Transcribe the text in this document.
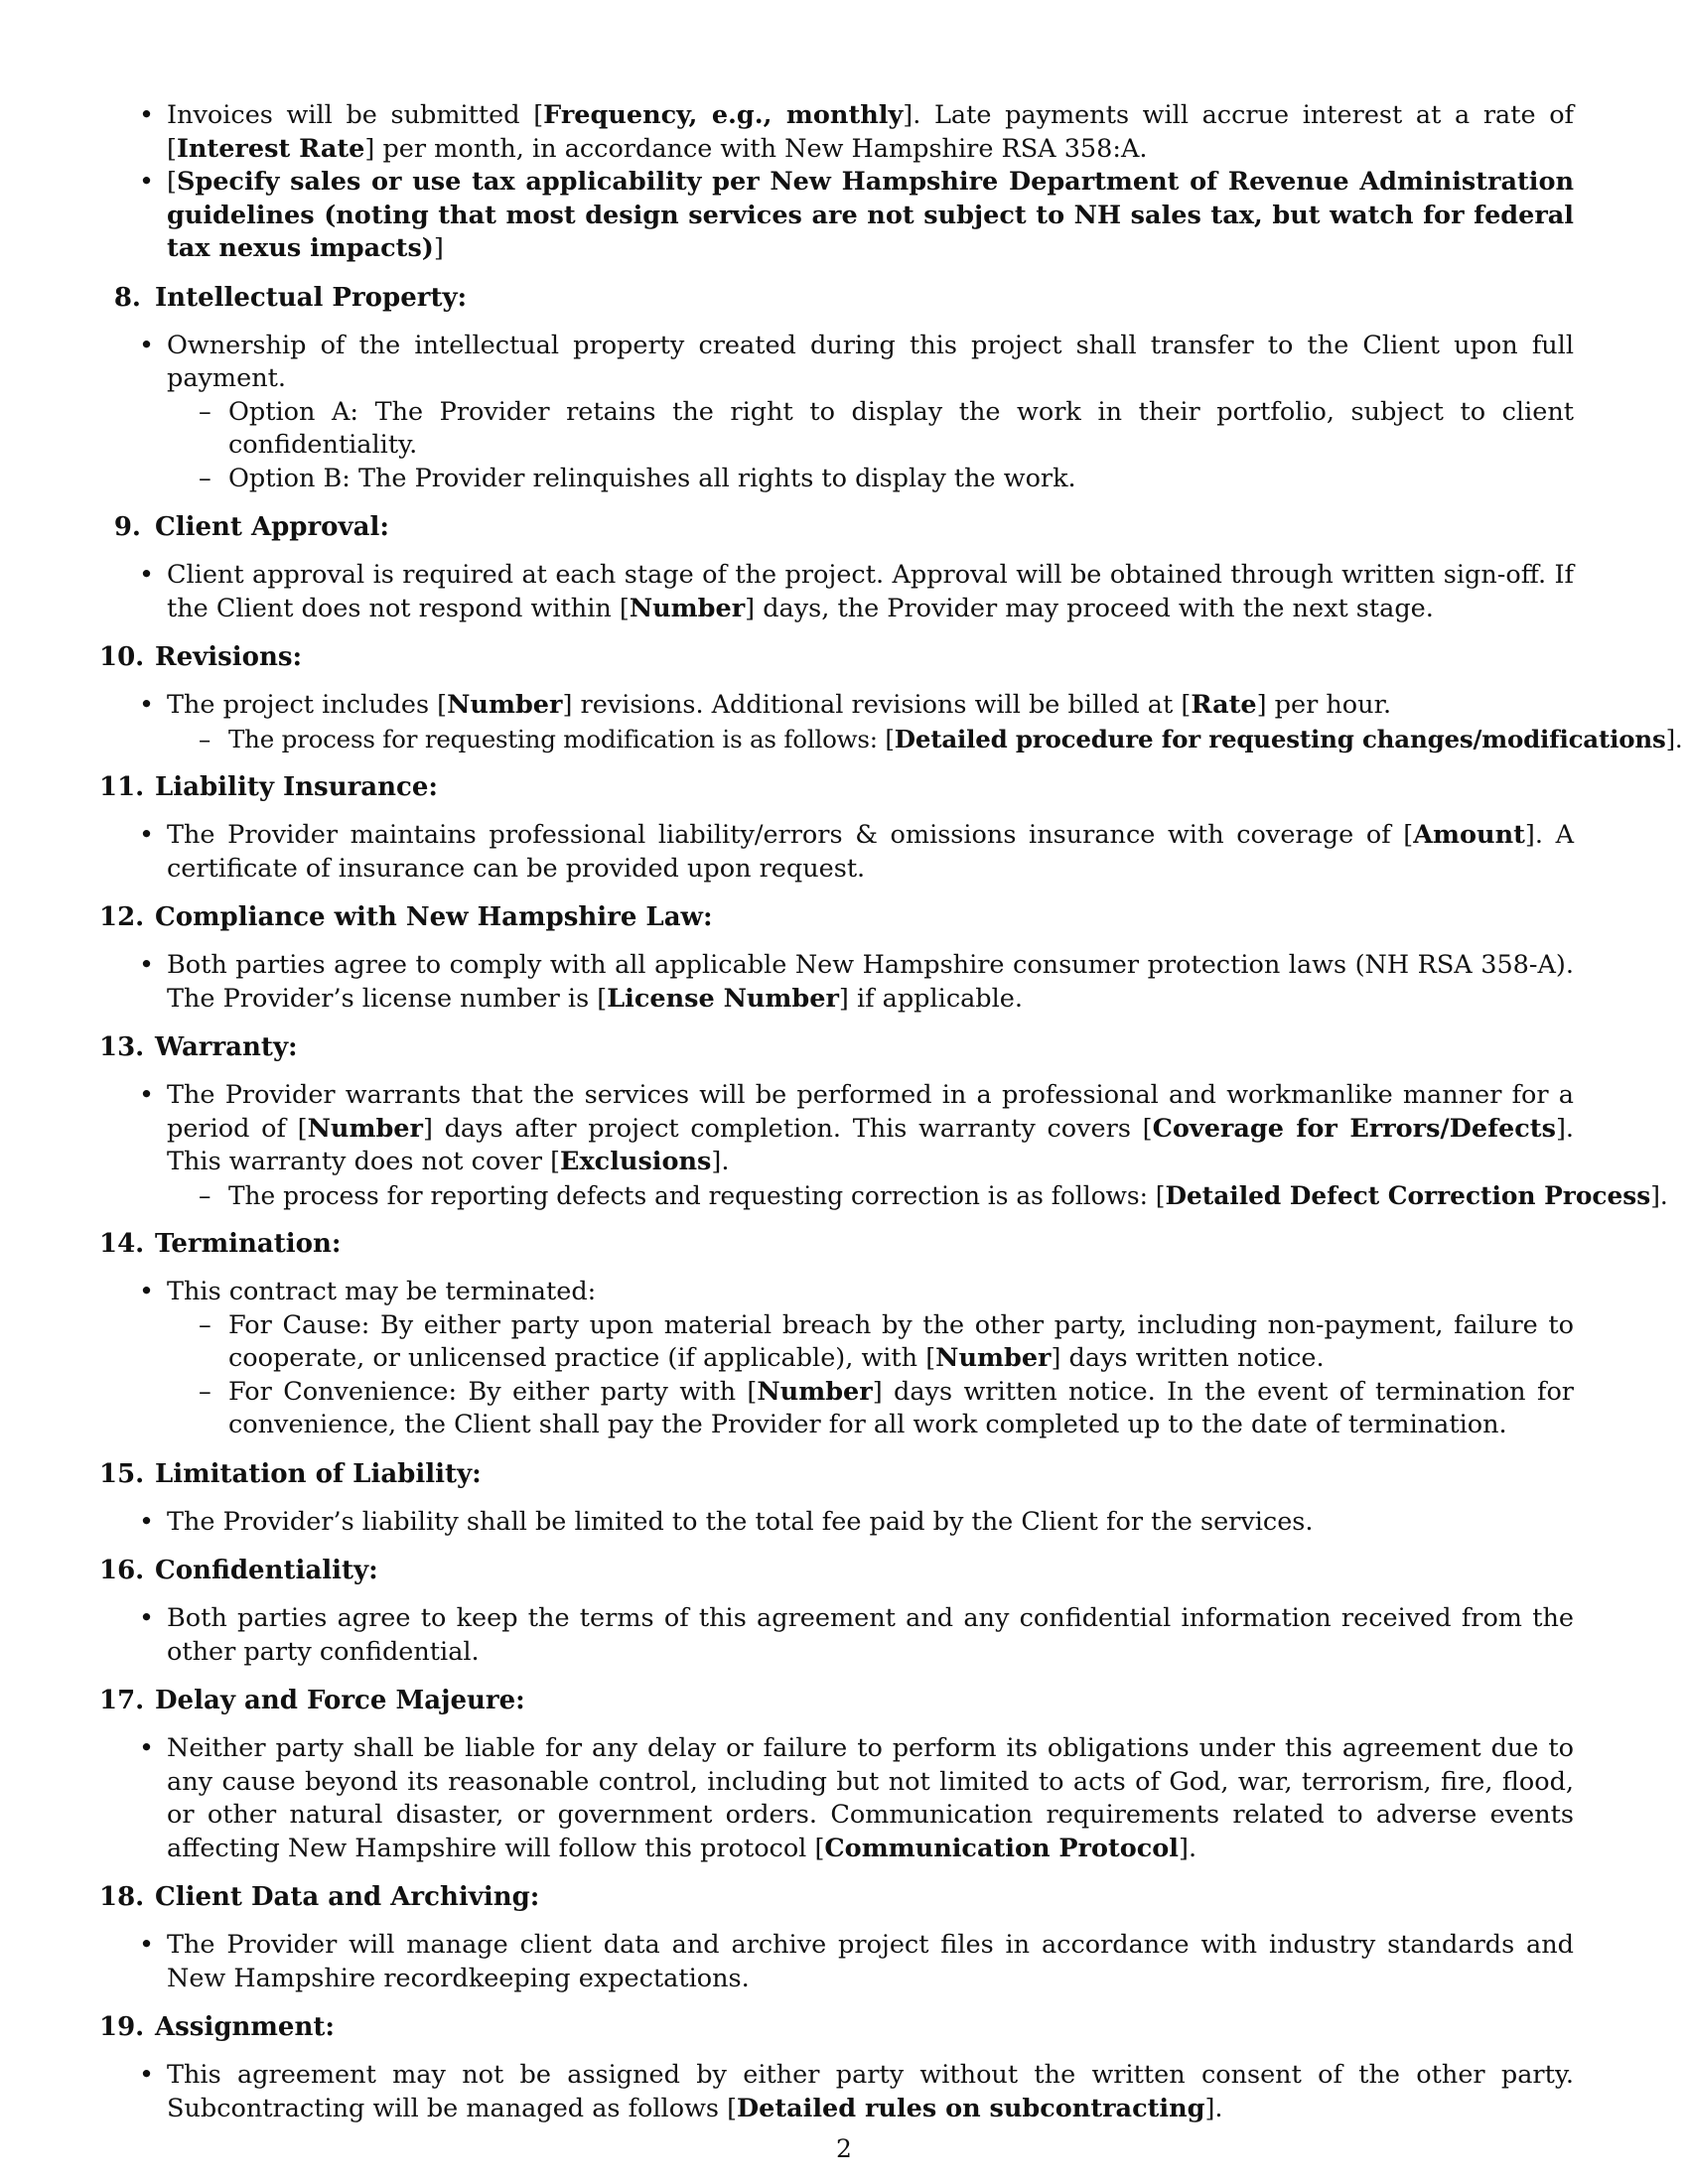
• Invoices will be submitted [Frequency, e.g., monthly]. Late payments will accrue interest at a rate of [Interest Rate] per month, in accordance with New Hampshire RSA 358:A.
• [Specify sales or use tax applicability per New Hampshire Department of Revenue Administration guidelines (noting that most design services are not subject to NH sales tax, but watch for federal tax nexus impacts)]
8. Intellectual Property:
• Ownership of the intellectual property created during this project shall transfer to the Client upon full payment.
– Option A: The Provider retains the right to display the work in their portfolio, subject to client confidentiality.
– Option B: The Provider relinquishes all rights to display the work.
9. Client Approval:
• Client approval is required at each stage of the project. Approval will be obtained through written sign-off. If the Client does not respond within [Number] days, the Provider may proceed with the next stage.
10. Revisions:
• The project includes [Number] revisions. Additional revisions will be billed at [Rate] per hour.
– The process for requesting modification is as follows: [Detailed procedure for requesting changes/modifications].
11. Liability Insurance:
• The Provider maintains professional liability/errors & omissions insurance with coverage of [Amount]. A certificate of insurance can be provided upon request.
12. Compliance with New Hampshire Law:
• Both parties agree to comply with all applicable New Hampshire consumer protection laws (NH RSA 358-A). The Provider’s license number is [License Number] if applicable.
13. Warranty:
• The Provider warrants that the services will be performed in a professional and workmanlike manner for a period of [Number] days after project completion. This warranty covers [Coverage for Errors/Defects]. This warranty does not cover [Exclusions].
– The process for reporting defects and requesting correction is as follows: [Detailed Defect Correction Process].
14. Termination:
• This contract may be terminated:
– For Cause: By either party upon material breach by the other party, including non-payment, failure to cooperate, or unlicensed practice (if applicable), with [Number] days written notice.
– For Convenience: By either party with [Number] days written notice. In the event of termination for convenience, the Client shall pay the Provider for all work completed up to the date of termination.
15. Limitation of Liability:
• The Provider’s liability shall be limited to the total fee paid by the Client for the services.
16. Confidentiality:
• Both parties agree to keep the terms of this agreement and any confidential information received from the other party confidential.
17. Delay and Force Majeure:
• Neither party shall be liable for any delay or failure to perform its obligations under this agreement due to any cause beyond its reasonable control, including but not limited to acts of God, war, terrorism, fire, flood, or other natural disaster, or government orders. Communication requirements related to adverse events affecting New Hampshire will follow this protocol [Communication Protocol].
18. Client Data and Archiving:
• The Provider will manage client data and archive project files in accordance with industry standards and New Hampshire recordkeeping expectations.
19. Assignment:
• This agreement may not be assigned by either party without the written consent of the other party. Subcontracting will be managed as follows [Detailed rules on subcontracting].
2
